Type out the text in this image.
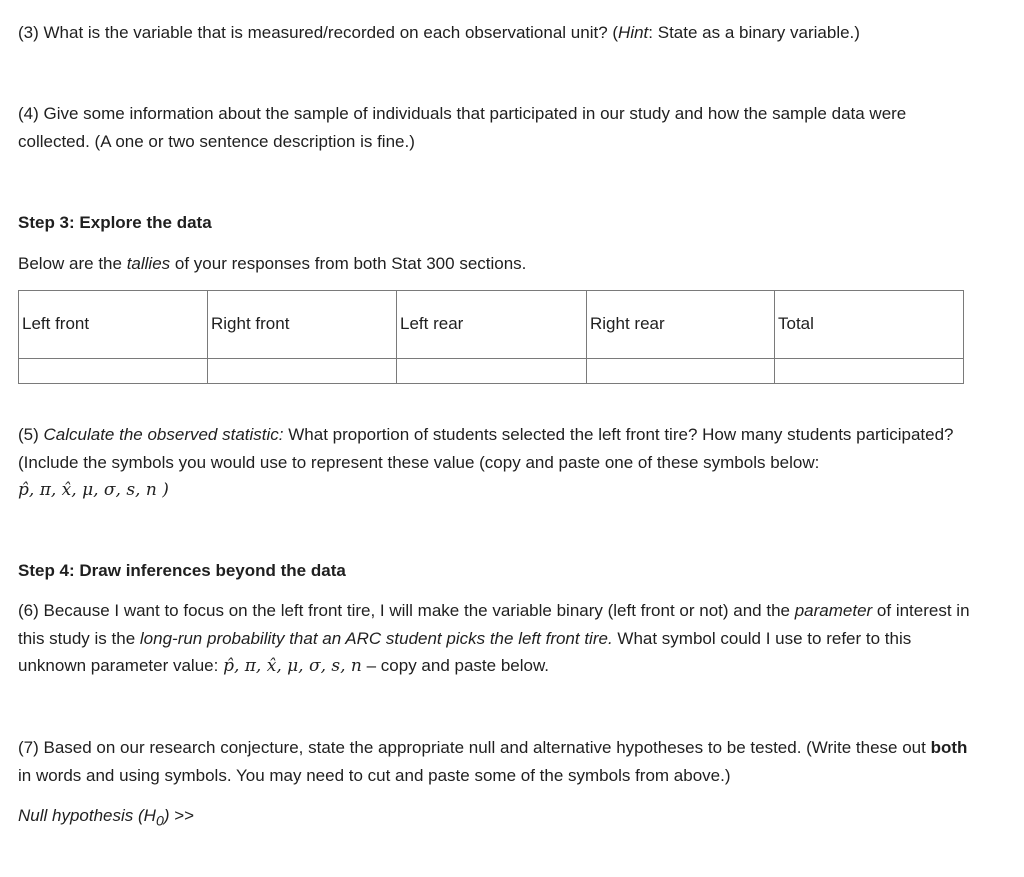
(3) What is the variable that is measured/recorded on each observational unit? (Hint: State as a binary variable.)

(4) Give some information about the sample of individuals that participated in our study and how the sample data were collected. (A one or two sentence description is fine.)

Step 3: Explore the data

Below are the tallies of your responses from both Stat 300 sections.

Left front	Right front	Left rear	Right rear	Total

(5) Calculate the observed statistic: What proportion of students selected the left front tire? How many students participated? (Include the symbols you would use to represent these value (copy and paste one of these symbols below:

p̂, π, x̂, μ, σ, s, n )

Step 4: Draw inferences beyond the data

(6) Because I want to focus on the left front tire, I will make the variable binary (left front or not) and the parameter of interest in this study is the long-run probability that an ARC student picks the left front tire. What symbol could I use to refer to this unknown parameter value: p̂, π, x̂, μ, σ, s, n – copy and paste below.

(7) Based on our research conjecture, state the appropriate null and alternative hypotheses to be tested. (Write these out both in words and using symbols. You may need to cut and paste some of the symbols from above.)

Null hypothesis $(H_0)$ >>
